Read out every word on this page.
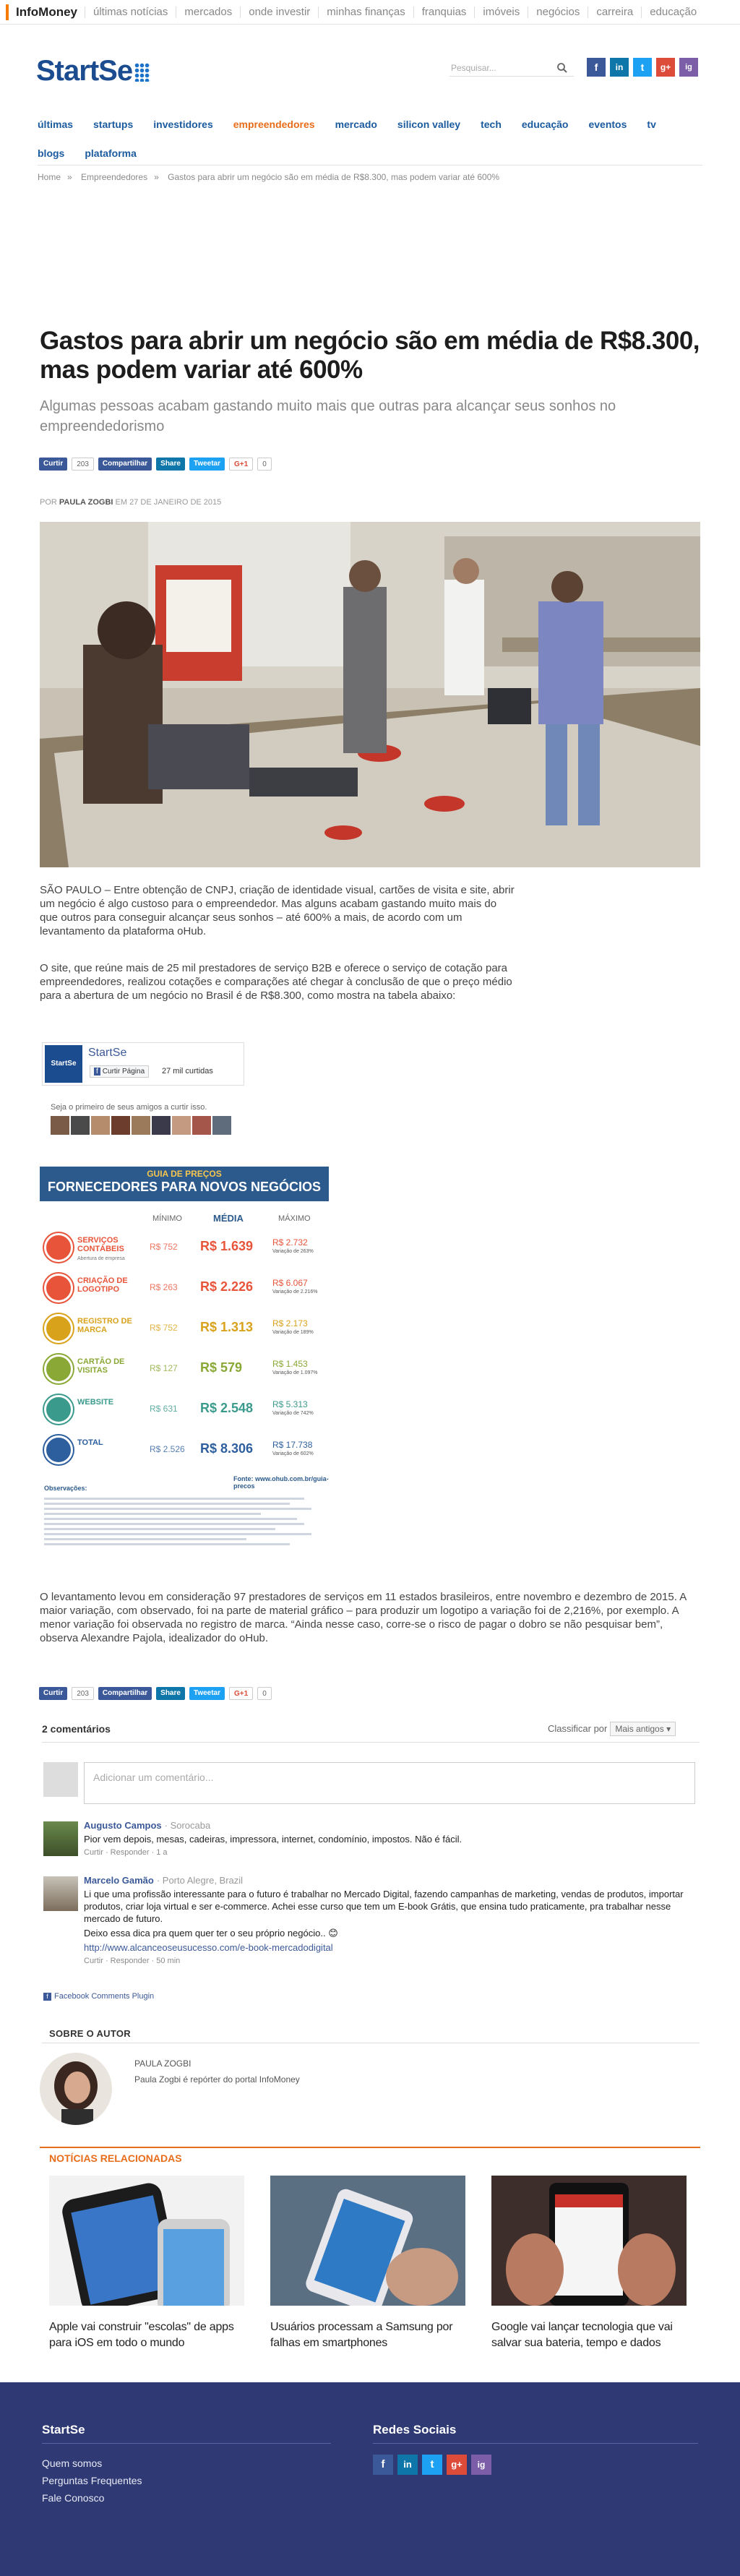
InfoMoney	últimas notícias	mercados	onde investir	minhas finanças	franquias	imóveis	negócios	carreira	educação
StartSe	Pesquisar...	f	in	t	g+	ig
últimas startups investidores empreendedores mercado silicon valley tech educação eventos tv
blogs plataforma
Home » Empreendedores » Gastos para abrir um negócio são em média de R$8.300, mas podem variar até 600%
Gastos para abrir um negócio são em média de R$8.300, mas podem variar até 600%

Algumas pessoas acabam gastando muito mais que outras para alcançar seus sonhos no empreendedorismo

Curtir	203	Compartilhar	Share	Tweetar	G+1	0
POR PAULA ZOGBI EM 27 DE JANEIRO DE 2015

SÃO PAULO – Entre obtenção de CNPJ, criação de identidade visual, cartões de visita e site, abrir um negócio é algo custoso para o empreendedor. Mas alguns acabam gastando muito mais do que outros para conseguir alcançar seus sonhos – até 600% a mais, de acordo com um levantamento da plataforma oHub.

O site, que reúne mais de 25 mil prestadores de serviço B2B e oferece o serviço de cotação para empreendedores, realizou cotações e comparações até chegar à conclusão de que o preço médio para a abertura de um negócio no Brasil é de R$8.300, como mostra na tabela abaixo:

StartSe
StartSe
f Curtir Página	27 mil curtidas
Seja o primeiro de seus amigos a curtir isso.
GUIA DE PREÇOS
FORNECEDORES PARA NOVOS NEGÓCIOS
MÍNIMO	MÉDIA	MÁXIMO
SERVIÇOS CONTÁBEIS
Abertura de empresa
R$ 752 R$ 1.639 R$ 2.732
Variação de 263%
CRIAÇÃO DE LOGOTIPO	R$ 263 R$ 2.226 R$ 6.067
Variação de 2.216%
REGISTRO DE MARCA	R$ 752 R$ 1.313 R$ 2.173
Variação de 189%
CARTÃO DE VISITAS	R$ 127 R$ 579	R$ 1.453
Variação de 1.097%
WEBSITE
R$ 631 R$ 2.548 R$ 5.313
Variação de 742%
TOTAL
R$ 2.526 R$ 8.306 R$ 17.738
Variação de 602%
Fonte: www.ohub.com.br/guia-precos
Observações:

O levantamento levou em consideração 97 prestadores de serviços em 11 estados brasileiros, entre novembro e dezembro de 2015. A maior variação, com observado, foi na parte de material gráfico – para produzir um logotipo a variação foi de 2,216%, por exemplo. A menor variação foi observada no registro de marca. “Ainda nesse caso, corre-se o risco de pagar o dobro se não pesquisar bem”, observa Alexandre Pajola, idealizador do oHub.

Curtir	203	Compartilhar	Share	Tweetar	G+1	0
2 comentários	Classificar por Mais antigos ▾
Adicionar um comentário...
Augusto Campos · Sorocaba
Pior vem depois, mesas, cadeiras, impressora, internet, condomínio, impostos. Não é fácil.
Curtir · Responder · 1 a
Marcelo Gamão · Porto Alegre, Brazil
Li que uma profissão interessante para o futuro é trabalhar no Mercado Digital, fazendo campanhas de marketing, vendas de produtos, importar produtos, criar loja virtual e ser e-commerce. Achei esse curso que tem um E-book Grátis, que ensina tudo praticamente, pra trabalhar nesse mercado de futuro.
Deixo essa dica pra quem quer ter o seu próprio negócio.. 😊
http://www.alcanceoseusucesso.com/e-book-mercadodigital
Curtir · Responder · 50 min
f Facebook Comments Plugin
SOBRE O AUTOR
PAULA ZOGBI
Paula Zogbi é repórter do portal InfoMoney
NOTÍCIAS RELACIONADAS
Apple vai construir "escolas" de apps para iOS em todo o mundo
Usuários processam a Samsung por falhas em smartphones
Google vai lançar tecnologia que vai salvar sua bateria, tempo e dados
StartSe
Quem somos
Perguntas Frequentes
Fale Conosco
Redes Sociais
f	in	t	g+	ig
